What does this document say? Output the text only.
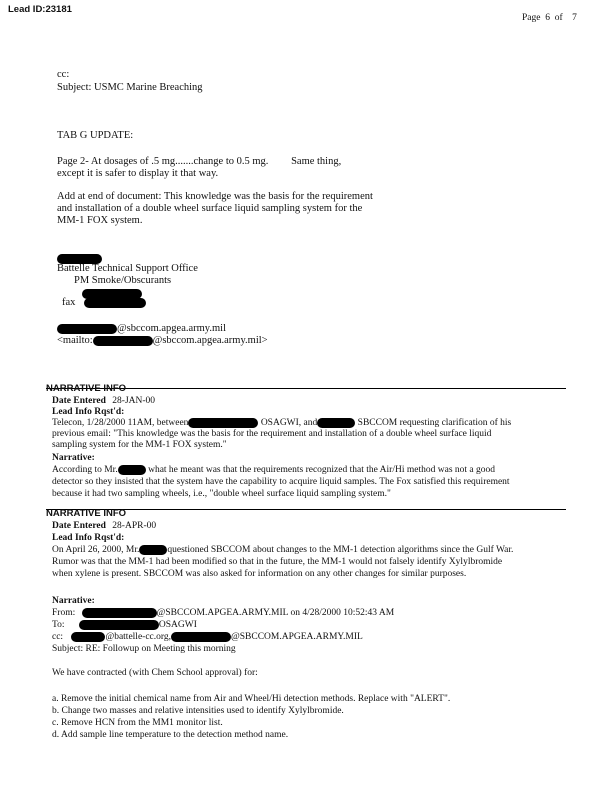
Lead ID:23181
Page 6 of 7
cc:
Subject: USMC Marine Breaching
TAB G UPDATE:
Page 2- At dosages of .5 mg.......change to 0.5 mg. Same thing,
except it is safer to display it that way.
Add at end of document: This knowledge was the basis for the requirement
and installation of a double wheel surface liquid sampling system for the
MM-1 FOX system.
Battelle Technical Support Office
PM Smoke/Obscurants
fax
@sbccom.apgea.army.mil
<mailto:	@sbccom.apgea.army.mil>
NARRATIVE INFO
Date Entered 28-JAN-00
Lead Info Rqst'd:
Telecon, 1/28/2000 11AM, between	OSAGWI, and	SBCCOM requesting clarification of his
previous email: "This knowledge was the basis for the requirement and installation of a double wheel surface liquid
sampling system for the MM-1 FOX system."
Narrative:
According to Mr.	what he meant was that the requirements recognized that the Air/Hi method was not a good
detector so they insisted that the system have the capability to acquire liquid samples. The Fox satisfied this requirement
because it had two sampling wheels, i.e., "double wheel surface liquid sampling system."
NARRATIVE INFO
Date Entered 28-APR-00
Lead Info Rqst'd:
On April 26, 2000, Mr.	questioned SBCCOM about changes to the MM-1 detection algorithms since the Gulf War.
Rumor was that the MM-1 had been modified so that in the future, the MM-1 would not falsely identify Xylylbromide
when xylene is present. SBCCOM was also asked for information on any other changes for similar purposes.
Narrative:
From:	@SBCCOM.APGEA.ARMY.MIL on 4/28/2000 10:52:43 AM
To:	OSAGWI
cc:	@battelle-cc.org,	@SBCCOM.APGEA.ARMY.MIL
Subject: RE: Followup on Meeting this morning
We have contracted (with Chem School approval) for:
a. Remove the initial chemical name from Air and Wheel/Hi detection methods. Replace with "ALERT".
b. Change two masses and relative intensities used to identify Xylylbromide.
c. Remove HCN from the MM1 monitor list.
d. Add sample line temperature to the detection method name.
